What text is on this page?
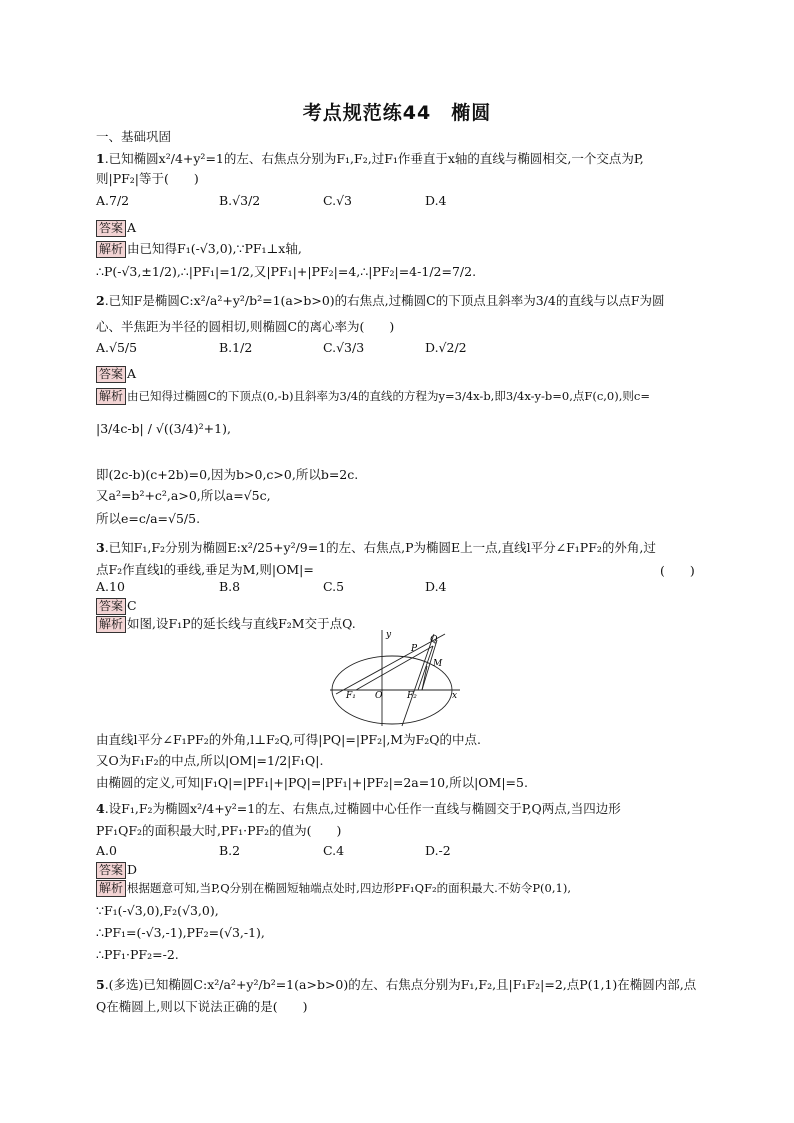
考点规范练44　椭圆
一、基础巩固
1.已知椭圆x²/4+y²=1的左、右焦点分别为F₁,F₂,过F₁作垂直于x轴的直线与椭圆相交,一个交点为P,
则|PF₂|等于(　　)
A.7/2	B.√3/2	C.√3	D.4
答案 A
解析 由已知得F₁(-√3,0),∵PF₁⊥x轴,
∴P(-√3,±1/2),∴|PF₁|=1/2,又|PF₁|+|PF₂|=4,∴|PF₂|=4-1/2=7/2.
2.已知F是椭圆C:x²/a²+y²/b²=1(a>b>0)的右焦点,过椭圆C的下顶点且斜率为3/4的直线与以点F为圆
心、半焦距为半径的圆相切,则椭圆C的离心率为(　　)
A.√5/5	B.1/2	C.√3/3	D.√2/2
答案 A
解析 由已知得过椭圆C的下顶点(0,-b)且斜率为3/4的直线的方程为y=3/4x-b,即3/4x-y-b=0,点F(c,0),则c=
|3/4c-b| / √((3/4)²+1),
即(2c-b)(c+2b)=0,因为b>0,c>0,所以b=2c.
又a²=b²+c²,a>0,所以a=√5c,
所以e=c/a=√5/5.
3.已知F₁,F₂分别为椭圆E:x²/25+y²/9=1的左、右焦点,P为椭圆E上一点,直线l平分∠F₁PF₂的外角,过
点F₂作直线l的垂线,垂足为M,则|OM|=	(　　)
A.10	B.8	C.5	D.4
答案 C
解析 如图,设F₁P的延长线与直线F₂M交于点Q.
y
P
Q
M
F₁ O	F₂	x
由直线l平分∠F₁PF₂的外角,l⊥F₂Q,可得|PQ|=|PF₂|,M为F₂Q的中点.
又O为F₁F₂的中点,所以|OM|=1/2|F₁Q|.
由椭圆的定义,可知|F₁Q|=|PF₁|+|PQ|=|PF₁|+|PF₂|=2a=10,所以|OM|=5.
4.设F₁,F₂为椭圆x²/4+y²=1的左、右焦点,过椭圆中心任作一直线与椭圆交于P,Q两点,当四边形
PF₁QF₂的面积最大时,PF₁·PF₂的值为(　　)
A.0	B.2	C.4	D.-2
答案 D
解析 根据题意可知,当P,Q分别在椭圆短轴端点处时,四边形PF₁QF₂的面积最大.不妨令P(0,1),
∵F₁(-√3,0),F₂(√3,0),
∴PF₁=(-√3,-1),PF₂=(√3,-1),
∴PF₁·PF₂=-2.
5.(多选)已知椭圆C:x²/a²+y²/b²=1(a>b>0)的左、右焦点分别为F₁,F₂,且|F₁F₂|=2,点P(1,1)在椭圆内部,点
Q在椭圆上,则以下说法正确的是(　　)
